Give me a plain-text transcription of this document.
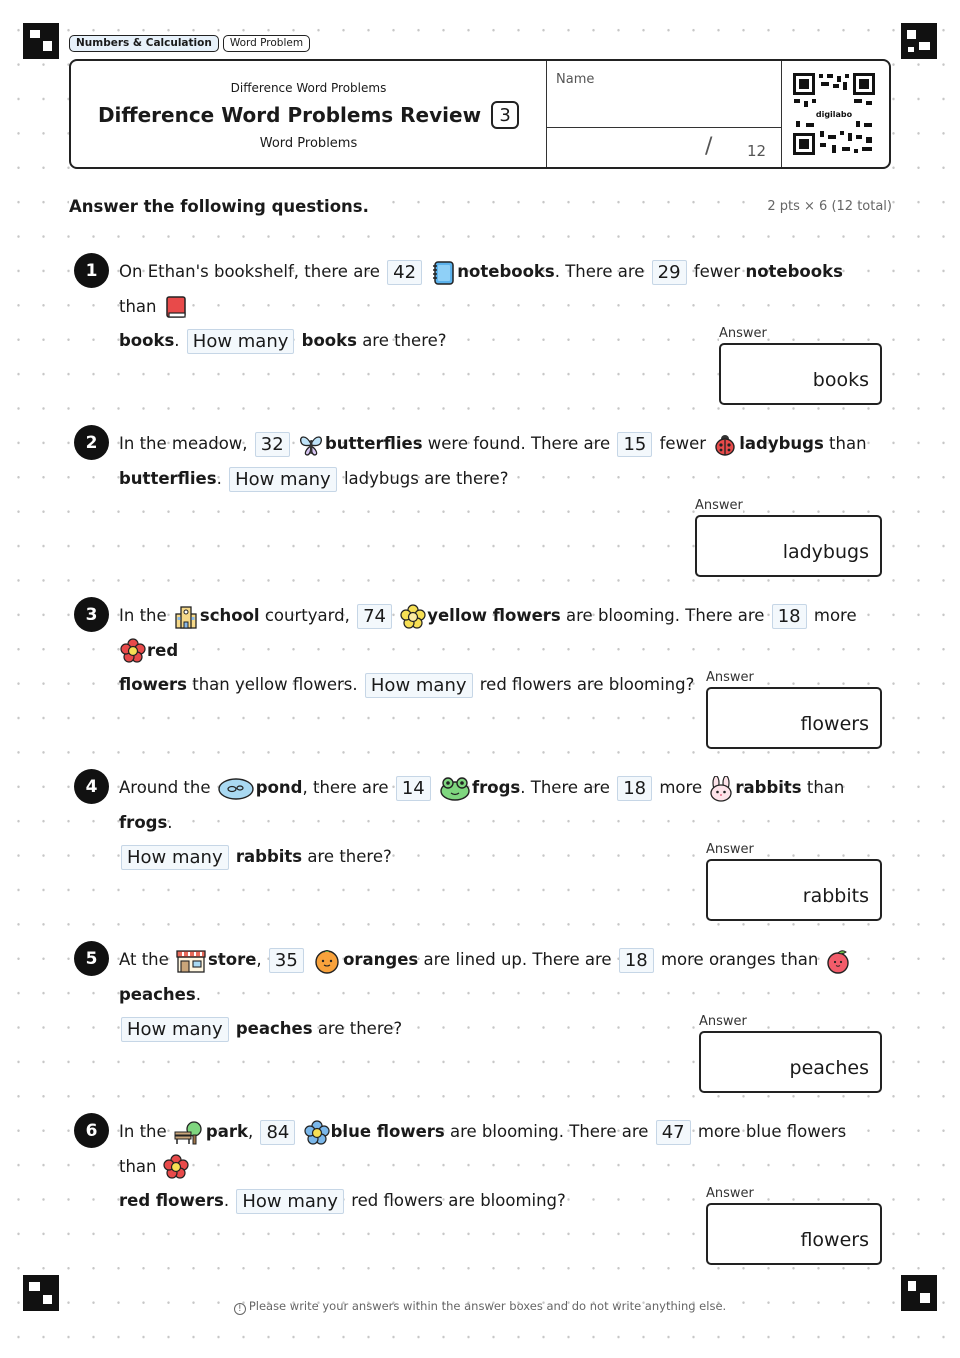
Numbers & Calculation	Word Problem
Difference Word Problems
Difference Word Problems Review	3
Word Problems
Name
/ 12
digilabo
Answer the following questions.	2 pts × 6 (12 total)
1	On Ethan's bookshelf, there are 42	notebooks. There are 29 fewer notebooks than

books. How many books are there?	Answer
books
2	In the meadow, 32	butterflies were found. There are 15 fewer ladybugs than
butterflies. How many ladybugs are there?
Answer
ladybugs
3	In the school courtyard, 74	yellow flowers are blooming. There are 18 more
red
flowers than yellow flowers. How many red flowers are blooming? Answer
flowers
4	Around the	pond, there are 14	frogs. There are 18 more rabbits than frogs.
How many rabbits are there?	Answer
rabbits
5	At the store, 35	oranges are lined up. There are 18 more oranges than
peaches.
How many peaches are there?	Answer
peaches
6	In the park, 84	blue flowers are blooming. There are 47 more blue flowers than

red flowers. How many red flowers are blooming?	Answer
flowers
! Please write your answers within the answer boxes and do not write anything else.
